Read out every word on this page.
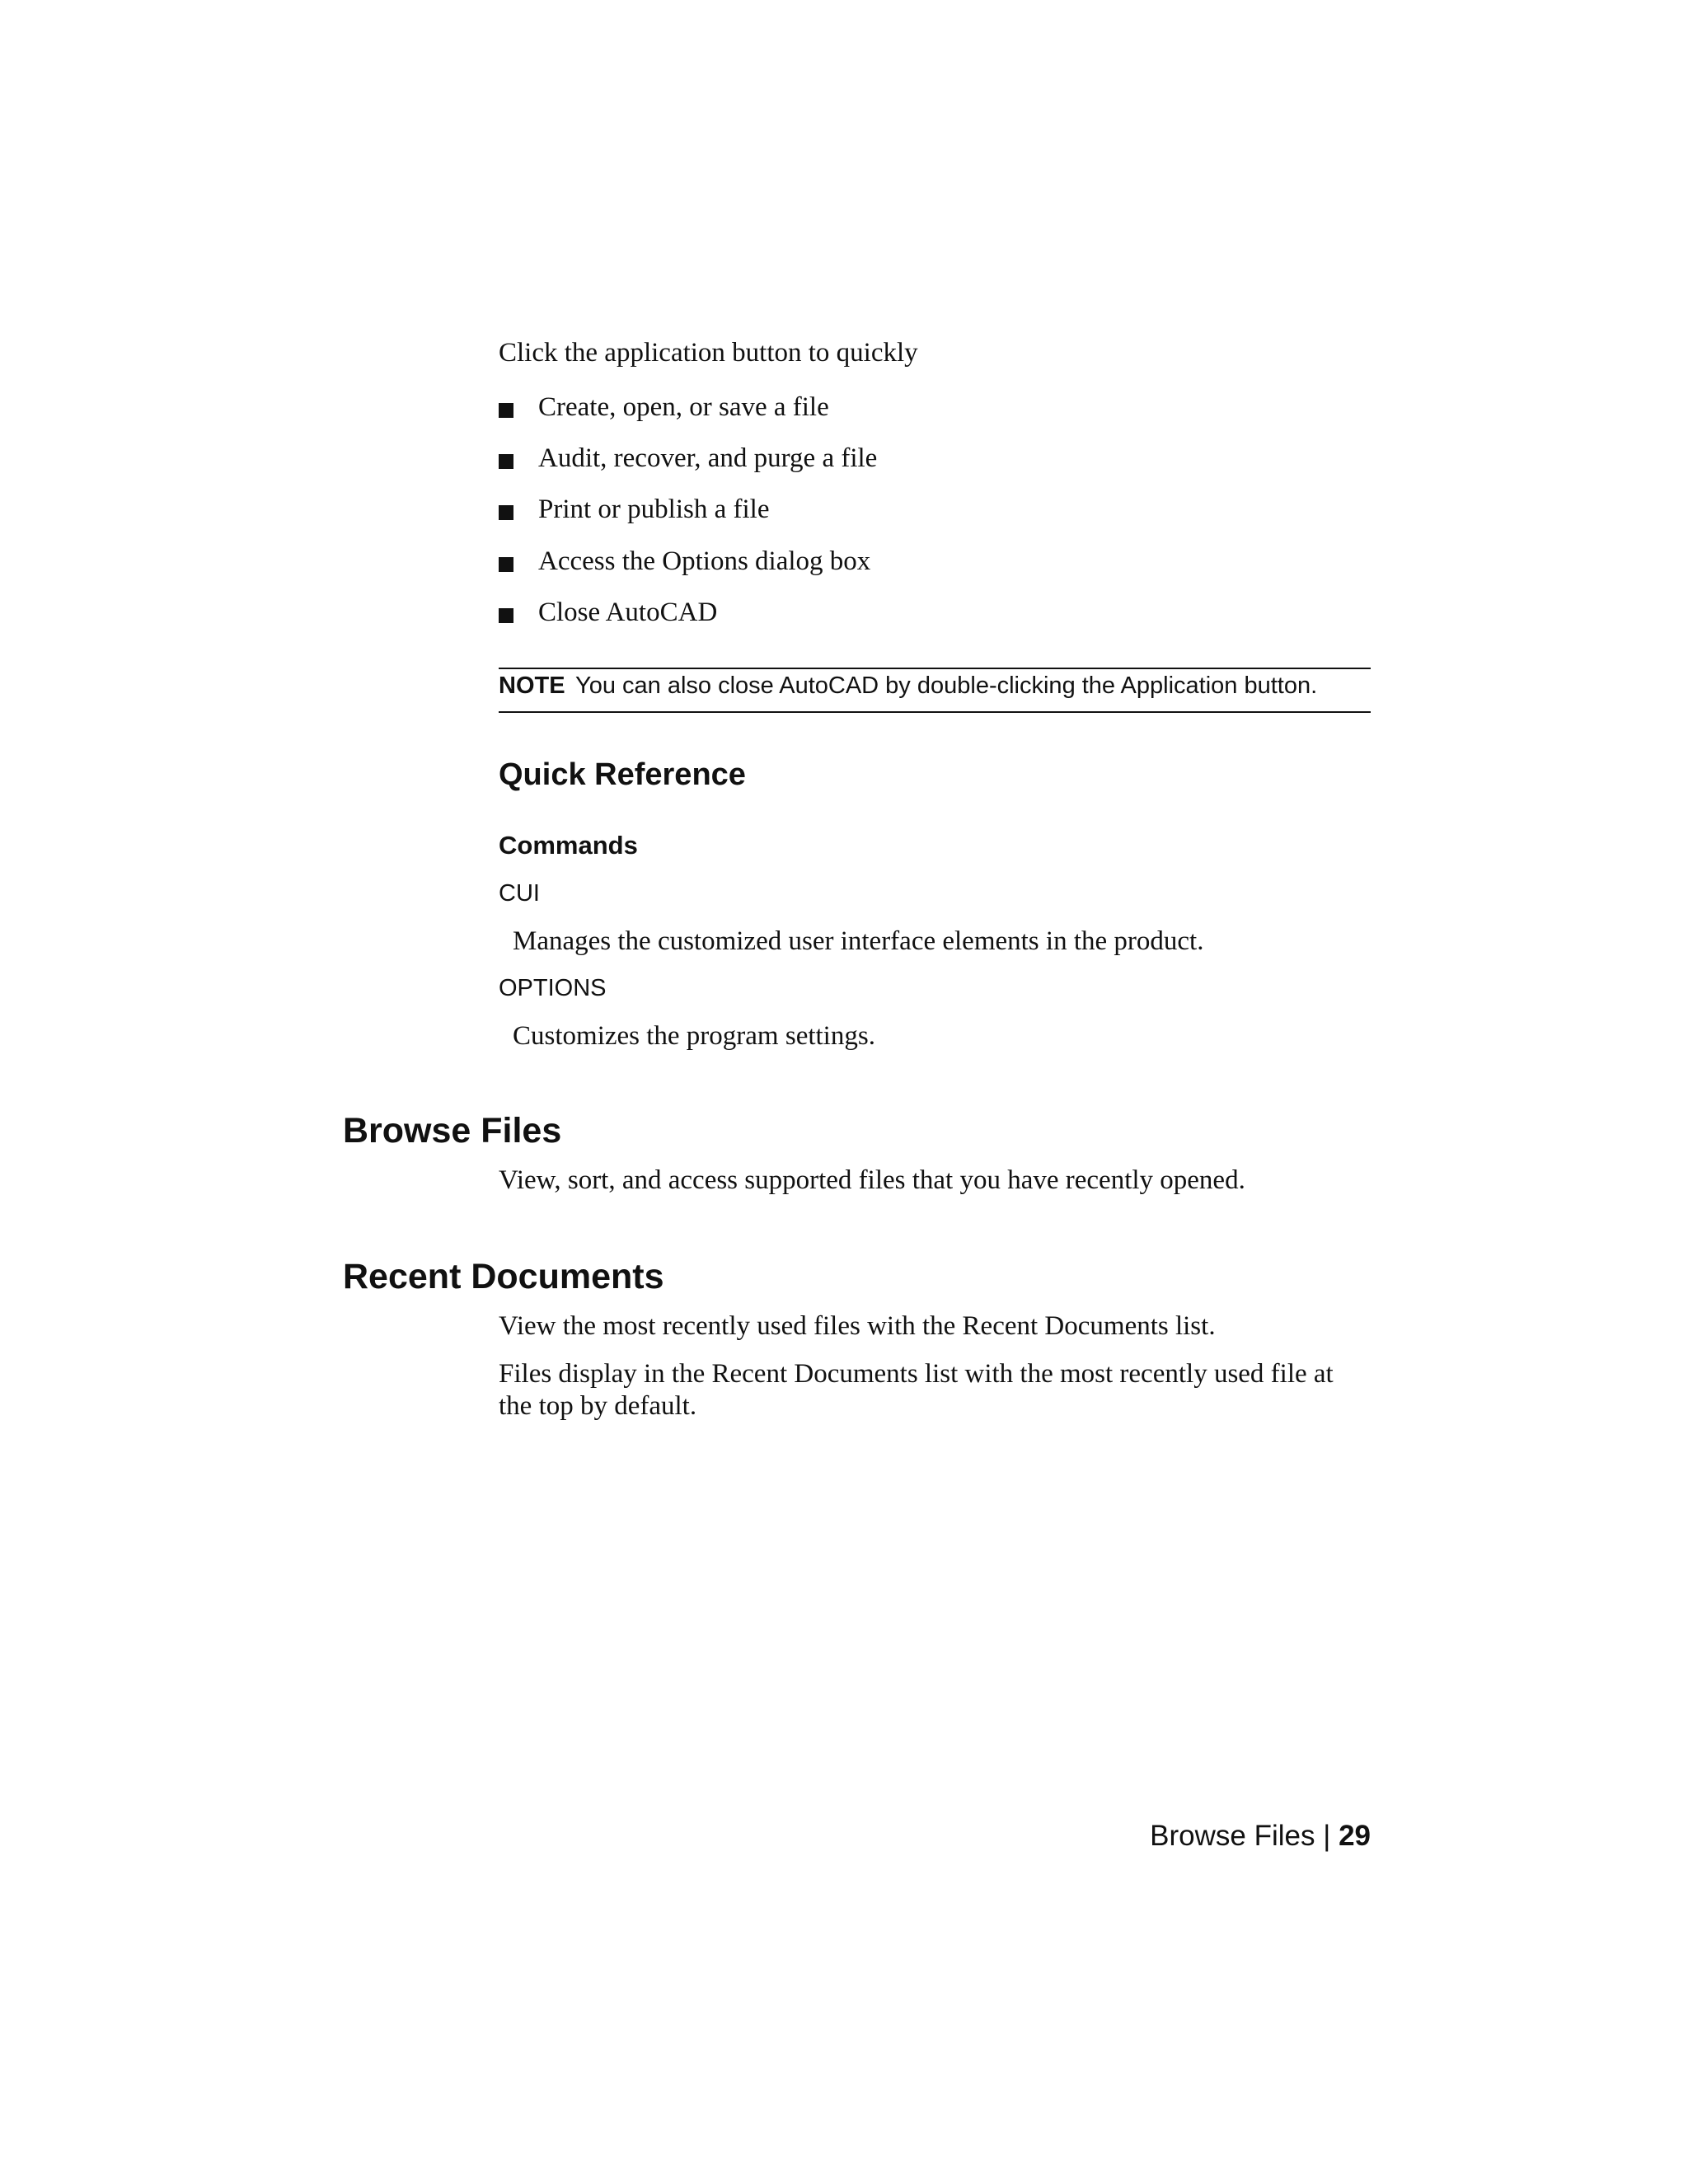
Click the application button to quickly
Create, open, or save a file
Audit, recover, and purge a file
Print or publish a file
Access the Options dialog box
Close AutoCAD
NOTE You can also close AutoCAD by double-clicking the Application button.
Quick Reference
Commands
CUI
Manages the customized user interface elements in the product.
OPTIONS
Customizes the program settings.
Browse Files
View, sort, and access supported files that you have recently opened.
Recent Documents
View the most recently used files with the Recent Documents list.
Files display in the Recent Documents list with the most recently used file at
the top by default.
Browse Files | 29
